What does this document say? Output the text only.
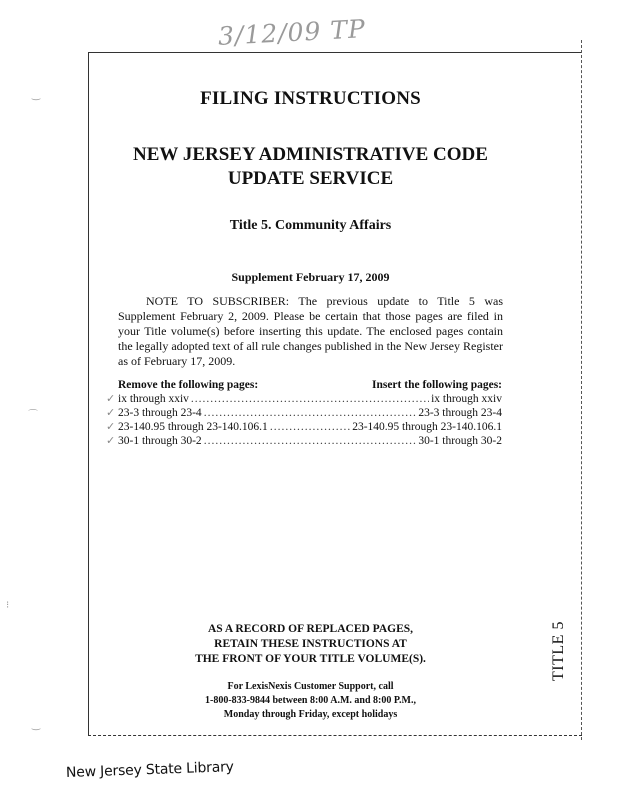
3/12/09 TP
‿
⌒
‿
⁝
FILING INSTRUCTIONS
NEW JERSEY ADMINISTRATIVE CODE
UPDATE SERVICE
Title 5. Community Affairs
Supplement February 17, 2009
NOTE TO SUBSCRIBER: The previous update to Title 5 was Supplement February 2, 2009. Please be certain that those pages are filed in your Title volume(s) before inserting this update. The enclosed pages contain the legally adopted text of all rule changes published in the New Jersey Register as of February 17, 2009.
Remove the following pages:	Insert the following pages:
✓ ix through xxiv .....	ix through xxiv
✓ 23-3 through 23-4 .....	23-3 through 23-4
✓ 23-140.95 through 23-140.106.1 .....	23-140.95 through 23-140.106.1
✓ 30-1 through 30-2 .....	30-1 through 30-2
AS A RECORD OF REPLACED PAGES,
RETAIN THESE INSTRUCTIONS AT
THE FRONT OF YOUR TITLE VOLUME(S).
For LexisNexis Customer Support, call
1-800-833-9844 between 8:00 A.M. and 8:00 P.M.,
Monday through Friday, except holidays
TITLE 5
New Jersey State Library
